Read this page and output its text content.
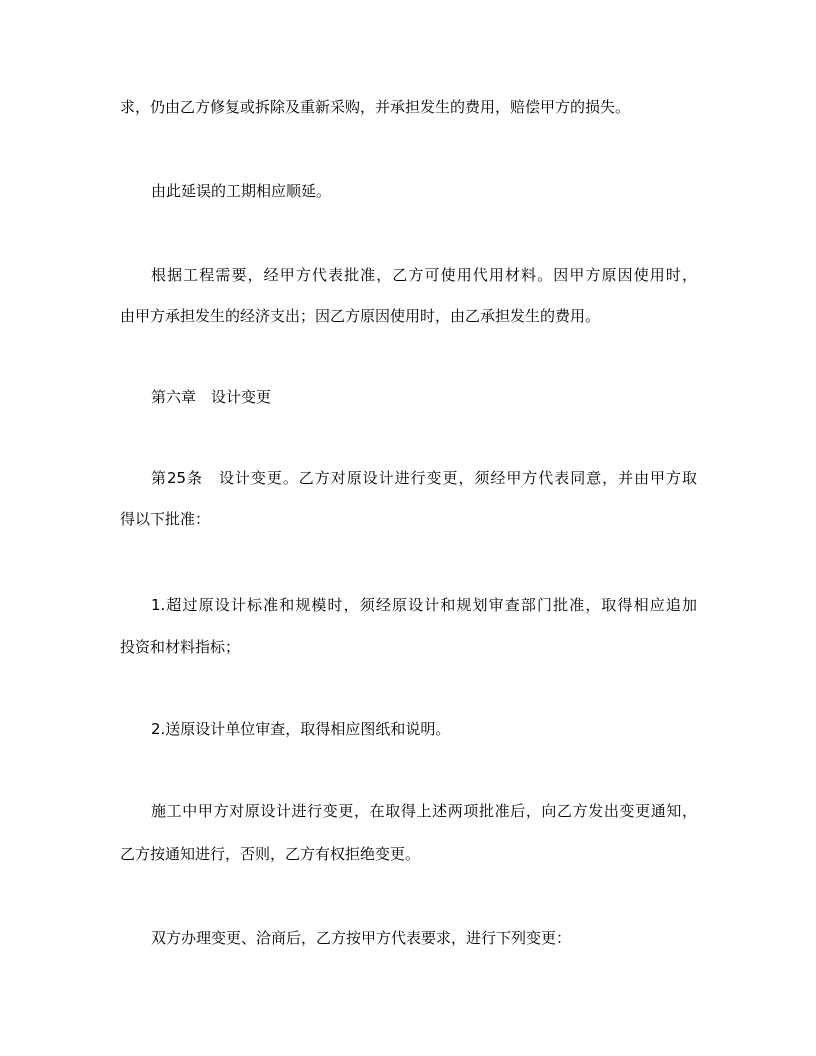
求，仍由乙方修复或拆除及重新采购，并承担发生的费用，赔偿甲方的损失。
由此延误的工期相应顺延。
根据工程需要，经甲方代表批准，乙方可使用代用材料。因甲方原因使用时，
由甲方承担发生的经济支出；因乙方原因使用时，由乙承担发生的费用。
第六章　设计变更
第25条　设计变更。乙方对原设计进行变更，须经甲方代表同意，并由甲方取
得以下批准：
1.超过原设计标准和规模时，须经原设计和规划审查部门批准，取得相应追加
投资和材料指标；
2.送原设计单位审查，取得相应图纸和说明。
施工中甲方对原设计进行变更，在取得上述两项批准后，向乙方发出变更通知，
乙方按通知进行，否则，乙方有权拒绝变更。
双方办理变更、洽商后，乙方按甲方代表要求，进行下列变更：
